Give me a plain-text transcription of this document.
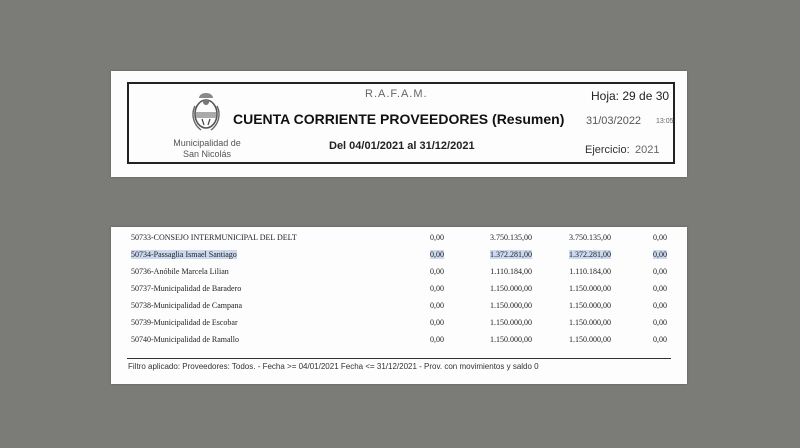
Municipalidad de
San Nicolás
R.A.F.A.M.
CUENTA CORRIENTE PROVEEDORES (Resumen)
Del 04/01/2021 al 31/12/2021
Hoja: 29 de 30
31/03/2022 13:05
Ejercicio: 2021
50733-CONSEJO INTERMUNICIPAL DEL DELT	0,00	3.750.135,00	3.750.135,00	0,00
50734-Passaglia Ismael Santiago	0,00	1.372.281,00	1.372.281,00	0,00
50736-Anóbile Marcela Lilian	0,00	1.110.184,00	1.110.184,00	0,00
50737-Municipalidad de Baradero	0,00	1.150.000,00	1.150.000,00	0,00
50738-Municipalidad de Campana	0,00	1.150.000,00	1.150.000,00	0,00
50739-Municipalidad de Escobar	0,00	1.150.000,00	1.150.000,00	0,00
50740-Municipalidad de Ramallo	0,00	1.150.000,00	1.150.000,00	0,00
Filtro aplicado: Proveedores: Todos. - Fecha >= 04/01/2021 Fecha <= 31/12/2021 - Prov. con movimientos y saldo 0
